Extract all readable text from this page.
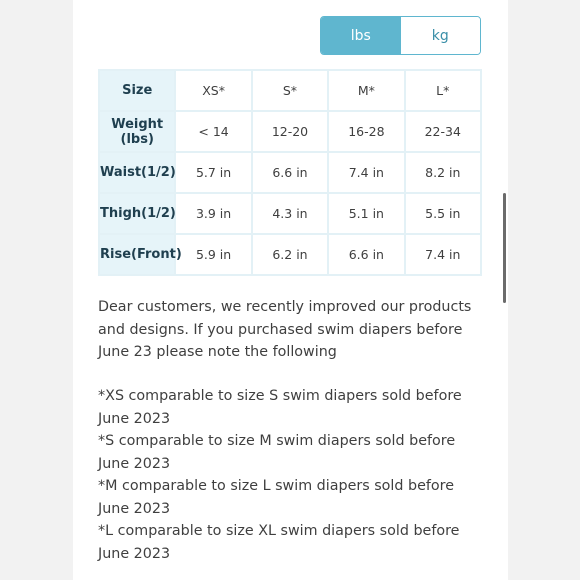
lbs	kg
Size	XS*	S*	M*	L*
Weight (lbs)	< 14	12-20	16-28	22-34
Waist(1/2)	5.7 in	6.6 in	7.4 in	8.2 in
Thigh(1/2)	3.9 in	4.3 in	5.1 in	5.5 in
Rise(Front)	5.9 in	6.2 in	6.6 in	7.4 in

Dear customers, we recently improved our products and designs. If you purchased swim diapers before June 23 please note the following

*XS comparable to size S swim diapers sold before June 2023

*S comparable to size M swim diapers sold before June 2023

*M comparable to size L swim diapers sold before June 2023

*L comparable to size XL swim diapers sold before June 2023
